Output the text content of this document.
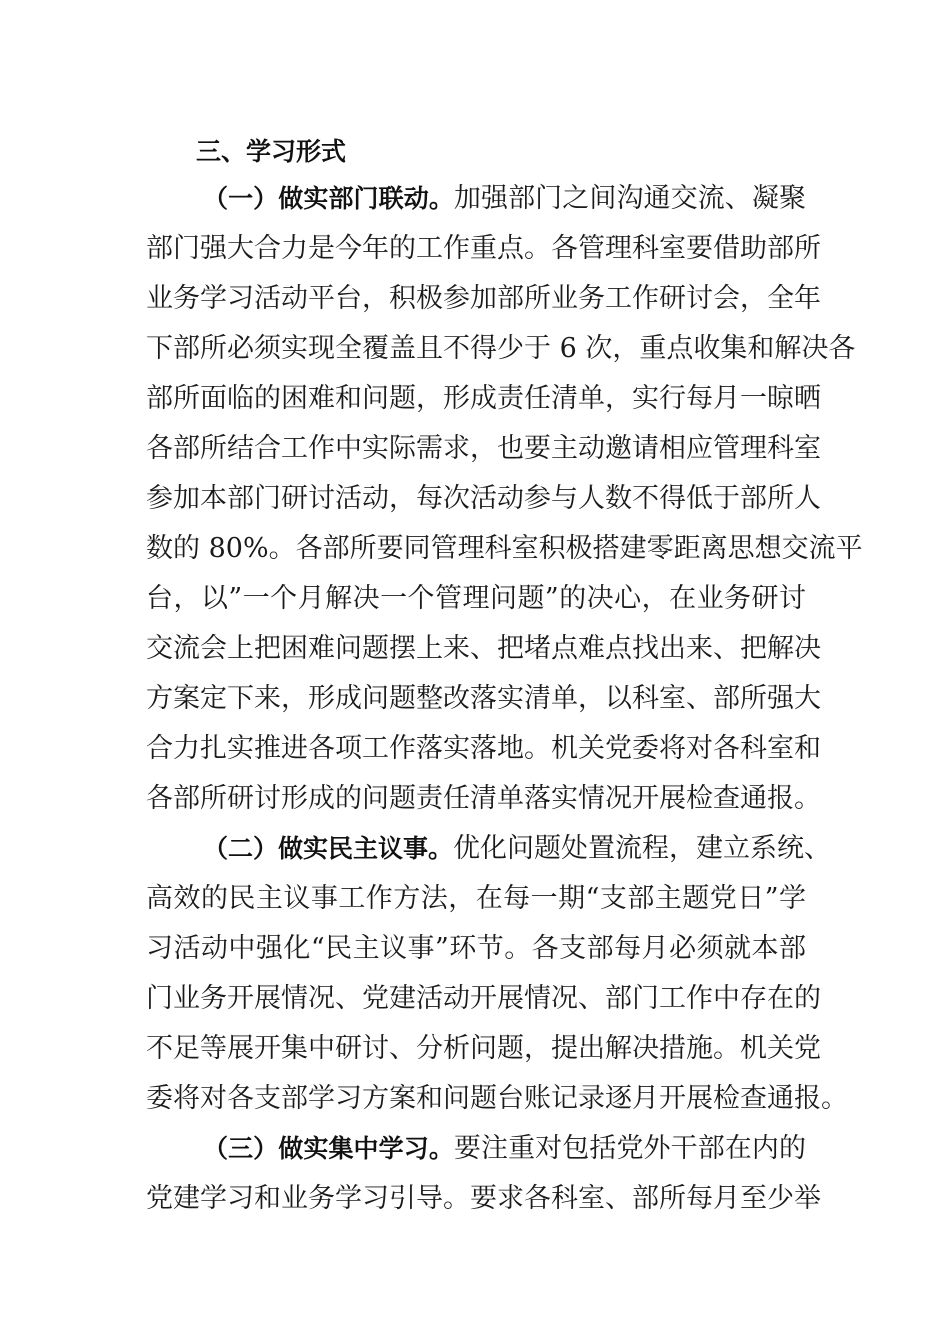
三、学习形式
（一）做实部门联动。加强部门之间沟通交流、凝聚
部门强大合力是今年的工作重点。各管理科室要借助部所
业务学习活动平台，积极参加部所业务工作研讨会，全年
下部所必须实现全覆盖且不得少于 6 次，重点收集和解决各
部所面临的困难和问题，形成责任清单，实行每月一晾晒
各部所结合工作中实际需求，也要主动邀请相应管理科室
参加本部门研讨活动，每次活动参与人数不得低于部所人
数的 80%。各部所要同管理科室积极搭建零距离思想交流平
台，以”一个月解决一个管理问题”的决心，在业务研讨
交流会上把困难问题摆上来、把堵点难点找出来、把解决
方案定下来，形成问题整改落实清单，以科室、部所强大
合力扎实推进各项工作落实落地。机关党委将对各科室和
各部所研讨形成的问题责任清单落实情况开展检查通报。
（二）做实民主议事。优化问题处置流程，建立系统、
高效的民主议事工作方法，在每一期“支部主题党日”学
习活动中强化“民主议事”环节。各支部每月必须就本部
门业务开展情况、党建活动开展情况、部门工作中存在的
不足等展开集中研讨、分析问题，提出解决措施。机关党
委将对各支部学习方案和问题台账记录逐月开展检查通报。
（三）做实集中学习。要注重对包括党外干部在内的
党建学习和业务学习引导。要求各科室、部所每月至少举
